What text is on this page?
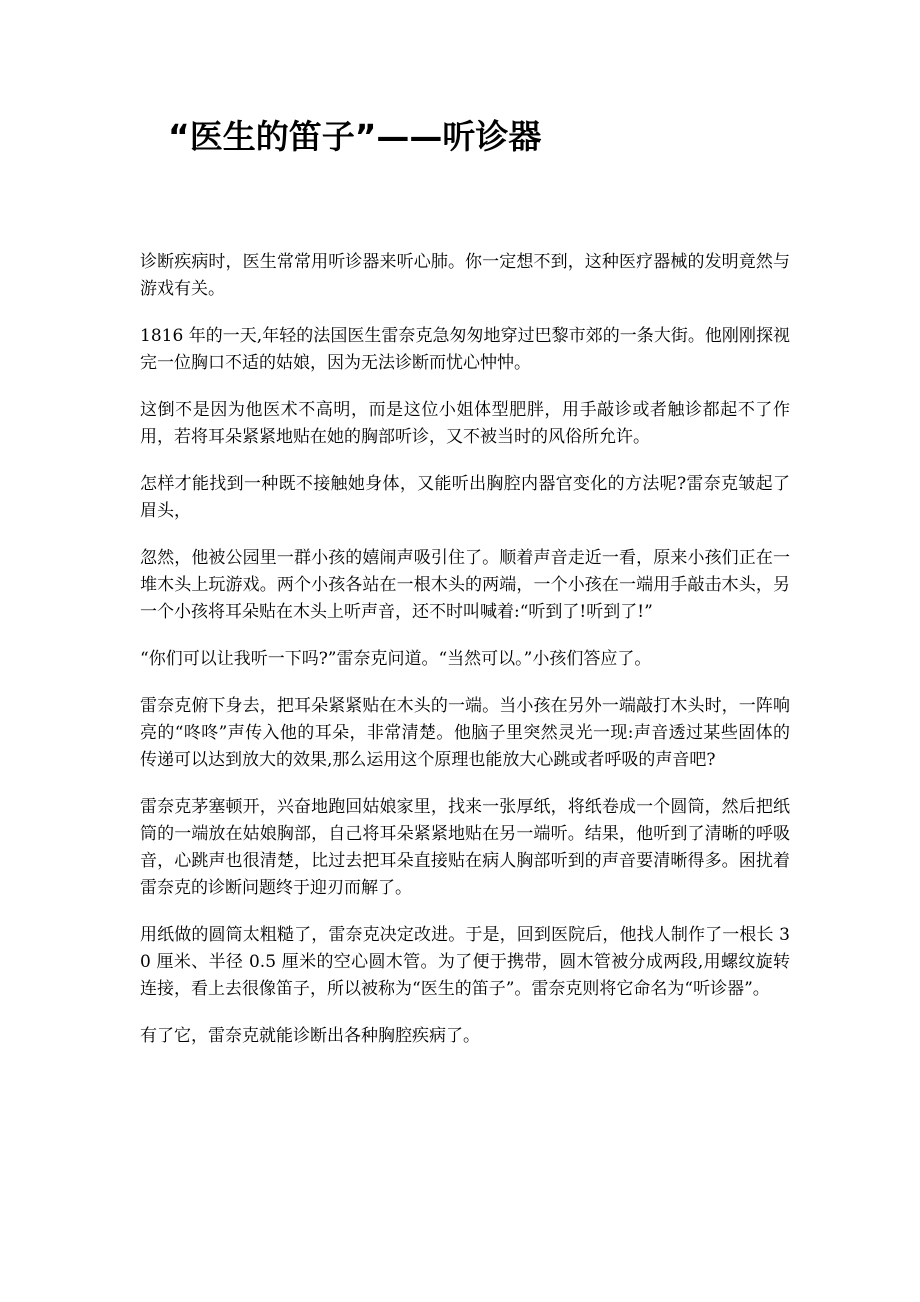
“医生的笛子”——听诊器

诊断疾病时，医生常常用听诊器来听心肺。你一定想不到，这种医疗器械的发明竟然与游戏有关。

1816 年的一天,年轻的法国医生雷奈克急匆匆地穿过巴黎市郊的一条大街。他刚刚探视完一位胸口不适的姑娘，因为无法诊断而忧心忡忡。

这倒不是因为他医术不高明，而是这位小姐体型肥胖，用手敲诊或者触诊都起不了作用，若将耳朵紧紧地贴在她的胸部听诊，又不被当时的风俗所允许。

怎样才能找到一种既不接触她身体，又能听出胸腔内器官变化的方法呢?雷奈克皱起了眉头，

忽然，他被公园里一群小孩的嬉闹声吸引住了。顺着声音走近一看，原来小孩们正在一堆木头上玩游戏。两个小孩各站在一根木头的两端，一个小孩在一端用手敲击木头，另一个小孩将耳朵贴在木头上听声音，还不时叫喊着:“听到了!听到了!”

“你们可以让我听一下吗?”雷奈克问道。“当然可以。”小孩们答应了。

雷奈克俯下身去，把耳朵紧紧贴在木头的一端。当小孩在另外一端敲打木头时，一阵响亮的“咚咚”声传入他的耳朵，非常清楚。他脑子里突然灵光一现:声音透过某些固体的传递可以达到放大的效果,那么运用这个原理也能放大心跳或者呼吸的声音吧?

雷奈克茅塞顿开，兴奋地跑回姑娘家里，找来一张厚纸，将纸卷成一个圆筒，然后把纸筒的一端放在姑娘胸部，自己将耳朵紧紧地贴在另一端听。结果，他听到了清晰的呼吸音，心跳声也很清楚，比过去把耳朵直接贴在病人胸部听到的声音要清晰得多。困扰着雷奈克的诊断问题终于迎刃而解了。

用纸做的圆筒太粗糙了，雷奈克决定改进。于是，回到医院后，他找人制作了一根长 30 厘米、半径 0.5 厘米的空心圆木管。为了便于携带，圆木管被分成两段,用螺纹旋转连接，看上去很像笛子，所以被称为“医生的笛子”。雷奈克则将它命名为“听诊器”。

有了它，雷奈克就能诊断出各种胸腔疾病了。
